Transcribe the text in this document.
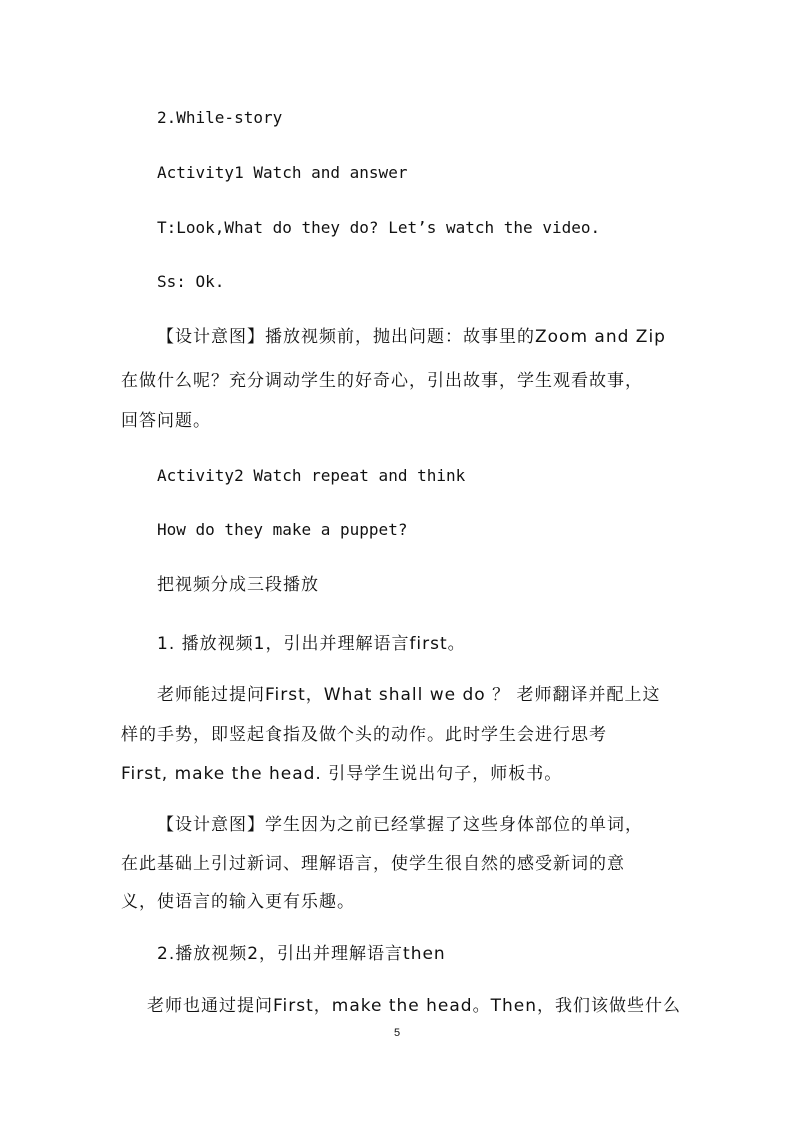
2.While-story
Activity1 Watch and answer
T:Look,What do they do? Let’s watch the video.
Ss: Ok.
【设计意图】播放视频前，抛出问题：故事里的Zoom and Zip
在做什么呢？充分调动学生的好奇心，引出故事，学生观看故事，
回答问题。
Activity2 Watch repeat and think
How do they make a puppet?
把视频分成三段播放
1. 播放视频1，引出并理解语言first。
老师能过提问First，What shall we do ？ 老师翻译并配上这
样的手势，即竖起食指及做个头的动作。此时学生会进行思考
First, make the head. 引导学生说出句子，师板书。
【设计意图】学生因为之前已经掌握了这些身体部位的单词，
在此基础上引过新词、理解语言，使学生很自然的感受新词的意
义，使语言的输入更有乐趣。
2.播放视频2，引出并理解语言then
老师也通过提问First，make the head。Then，我们该做些什么
5
